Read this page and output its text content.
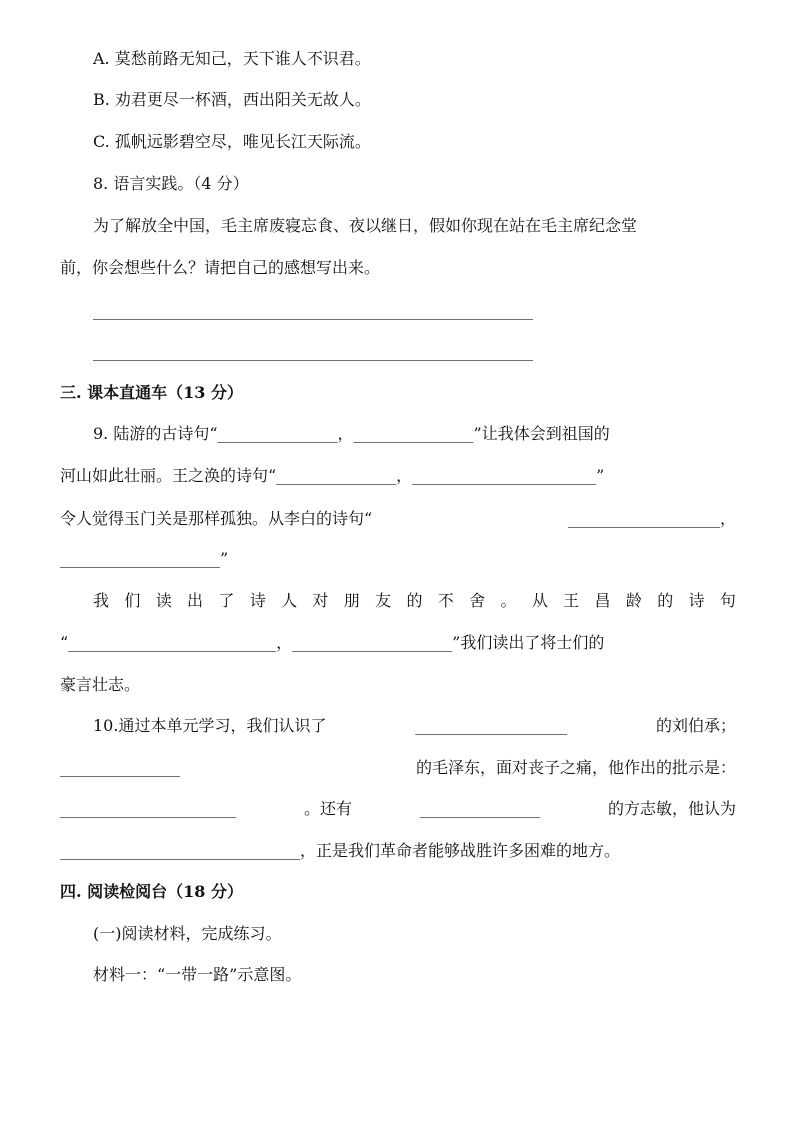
A. 莫愁前路无知己，天下谁人不识君。
B. 劝君更尽一杯酒，西出阳关无故人。
C. 孤帆远影碧空尽，唯见长江天际流。
8. 语言实践。（4 分）
为了解放全中国，毛主席废寝忘食、夜以继日，假如你现在站在毛主席纪念堂
前，你会想些什么？请把自己的感想写出来。
_______________________________________________________
_______________________________________________________
三. 课本直通车（13 分）
9. 陆游的古诗句“_______________，_______________”让我体会到祖国的
河山如此壮丽。王之涣的诗句“_______________，_______________________”
令人觉得玉门关是那样孤独。从李白的诗句“	___________________，
____________________”
我 们 读 出 了 诗 人 对 朋 友 的 不 舍 。 从 王 昌 龄 的 诗 句
“__________________________，____________________”我们读出了将士们的
豪言壮志。
10.通过本单元学习，我们认识了	___________________	的刘伯承；
_______________	的毛泽东，面对丧子之痛，他作出的批示是：
______________________	。还有	_______________	的方志敏，他认为
______________________________，正是我们革命者能够战胜许多困难的地方。
四. 阅读检阅台（18 分）
(一)阅读材料，完成练习。
材料一：“一带一路”示意图。
